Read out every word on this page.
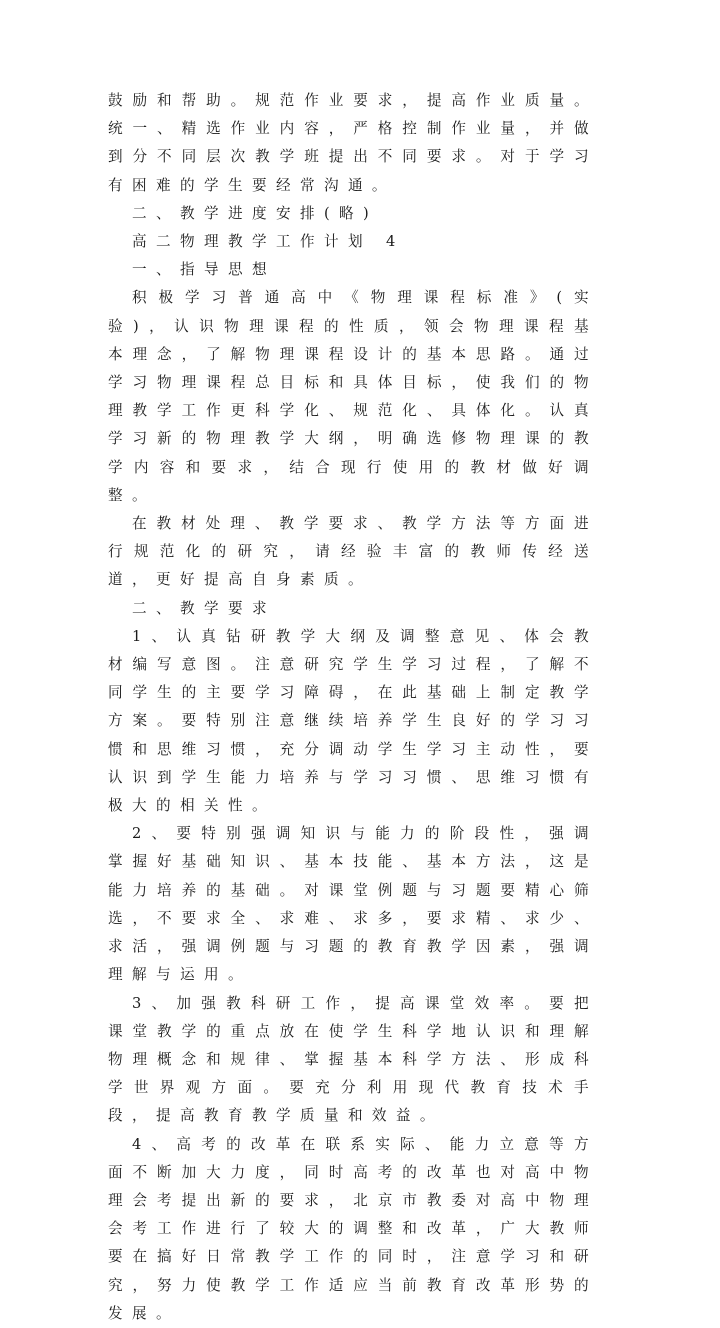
鼓励和帮助。规范作业要求，提高作业质量。统一、精选作业内容，严格控制作业量，并做到分不同层次教学班提出不同要求。对于学习有困难的学生要经常沟通。

二、教学进度安排(略)

高二物理教学工作计划 4

一、指导思想

积极学习普通高中《物理课程标准》(实验)，认识物理课程的性质，领会物理课程基本理念，了解物理课程设计的基本思路。通过学习物理课程总目标和具体目标，使我们的物理教学工作更科学化、规范化、具体化。认真学习新的物理教学大纲，明确选修物理课的教学内容和要求，结合现行使用的教材做好调整。

在教材处理、教学要求、教学方法等方面进行规范化的研究，请经验丰富的教师传经送道，更好提高自身素质。

二、教学要求

1、认真钻研教学大纲及调整意见、体会教材编写意图。注意研究学生学习过程，了解不同学生的主要学习障碍，在此基础上制定教学方案。要特别注意继续培养学生良好的学习习惯和思维习惯，充分调动学生学习主动性，要认识到学生能力培养与学习习惯、思维习惯有极大的相关性。

2、要特别强调知识与能力的阶段性，强调掌握好基础知识、基本技能、基本方法，这是能力培养的基础。对课堂例题与习题要精心筛选，不要求全、求难、求多，要求精、求少、求活，强调例题与习题的教育教学因素，强调理解与运用。

3、加强教科研工作，提高课堂效率。要把课堂教学的重点放在使学生科学地认识和理解物理概念和规律、掌握基本科学方法、形成科学世界观方面。要充分利用现代教育技术手段，提高教育教学质量和效益。

4、高考的改革在联系实际、能力立意等方面不断加大力度，同时高考的改革也对高中物理会考提出新的要求，北京市教委对高中物理会考工作进行了较大的调整和改革，广大教师要在搞好日常教学工作的同时，注意学习和研究，努力使教学工作适应当前教育改革形势的发展。
